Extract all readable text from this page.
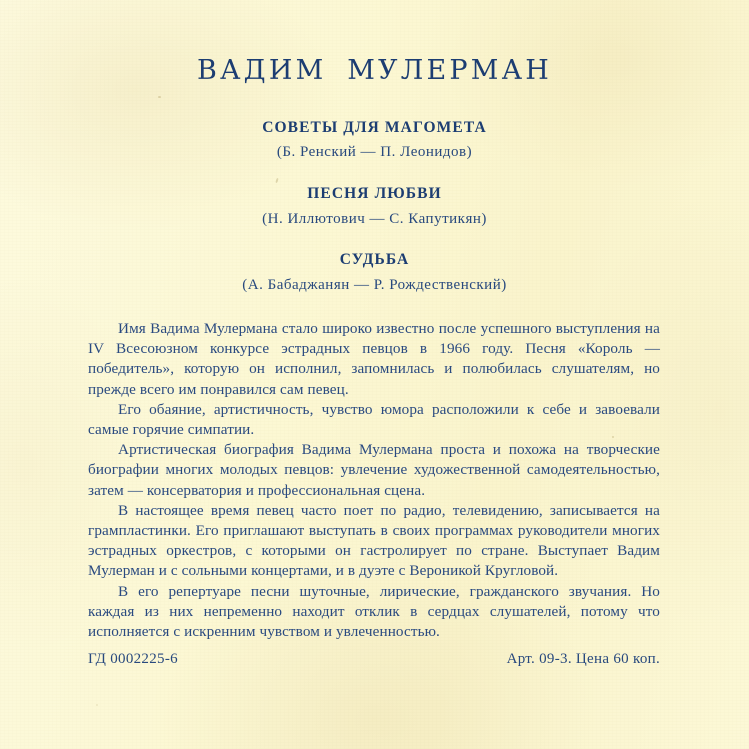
ВАДИМ МУЛЕРМАН
СОВЕТЫ ДЛЯ МАГОМЕТА
(Б. Ренский — П. Леонидов)
ПЕСНЯ ЛЮБВИ
(Н. Иллютович — С. Капутикян)
СУДЬБА
(А. Бабаджанян — Р. Рождественский)

Имя Вадима Мулермана стало широко известно после успешного выступления на IV Всесоюзном конкурсе эстрадных певцов в 1966 году. Песня «Король — победитель», которую он исполнил, запомнилась и полюбилась слушателям, но прежде всего им понравился сам певец.

Его обаяние, артистичность, чувство юмора расположили к себе и завоевали самые горячие симпатии.

Артистическая биография Вадима Мулермана проста и похожа на творческие биографии многих молодых певцов: увлечение художественной самодеятельностью, затем — консерватория и профессиональная сцена.

В настоящее время певец часто поет по радио, телевидению, записывается на грампластинки. Его приглашают выступать в своих программах руководители многих эстрадных оркестров, с которыми он гастролирует по стране. Выступает Вадим Мулерман и с сольными концертами, и в дуэте с Вероникой Кругловой.

В его репертуаре песни шуточные, лирические, гражданского звучания. Но каждая из них непременно находит отклик в сердцах слушателей, потому что исполняется с искренним чувством и увлеченностью.

ГД 0002225-6	Арт. 09-3. Цена 60 коп.
